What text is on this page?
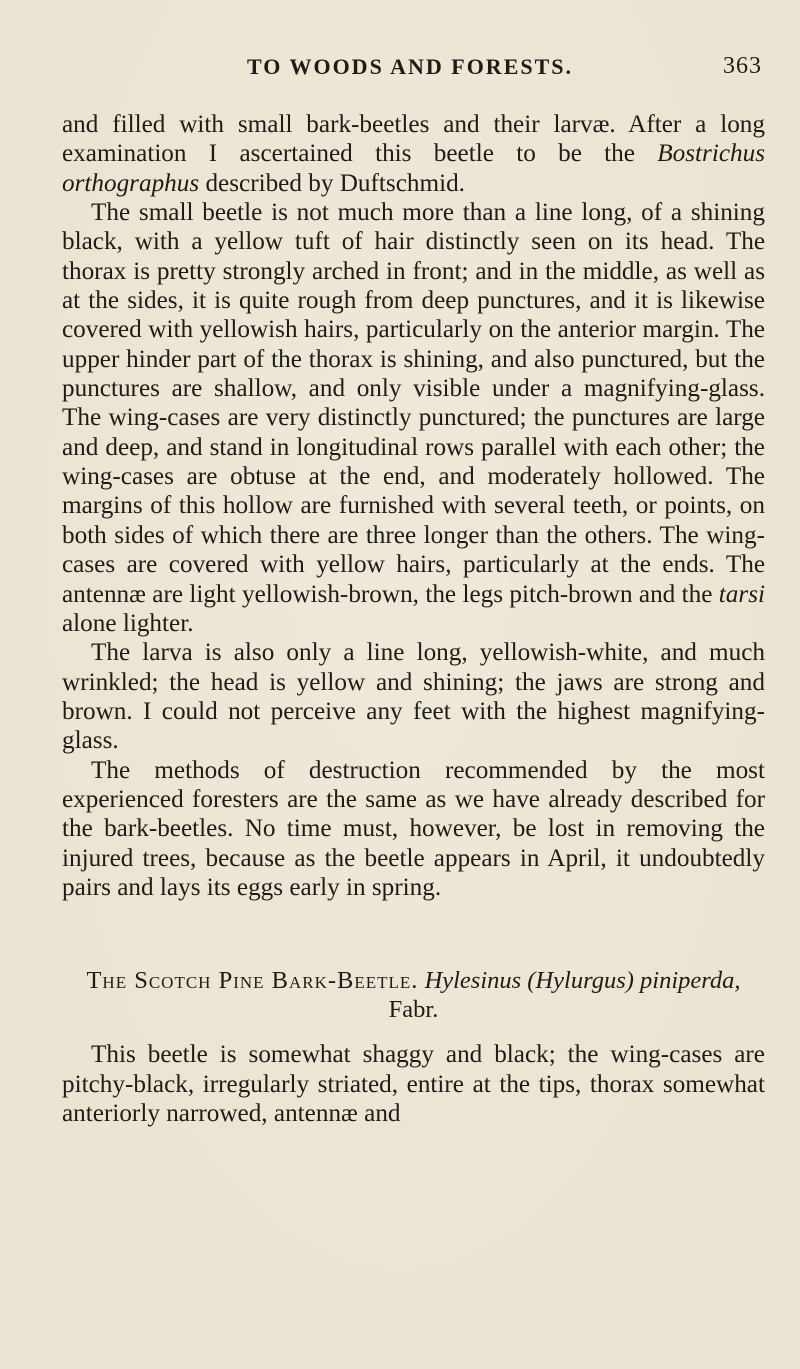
TO WOODS AND FORESTS.	363

and filled with small bark-beetles and their larvæ. After a long examination I ascertained this beetle to be the Bostrichus orthographus described by Duftschmid.

The small beetle is not much more than a line long, of a shining black, with a yellow tuft of hair distinctly seen on its head. The thorax is pretty strongly arched in front; and in the middle, as well as at the sides, it is quite rough from deep punctures, and it is likewise covered with yellowish hairs, particularly on the anterior margin. The upper hinder part of the thorax is shining, and also punctured, but the punctures are shallow, and only visible under a magnifying-glass. The wing-cases are very distinctly punctured; the punctures are large and deep, and stand in longitudinal rows parallel with each other; the wing-cases are obtuse at the end, and moderately hollowed. The margins of this hollow are furnished with several teeth, or points, on both sides of which there are three longer than the others. The wing-cases are covered with yellow hairs, particularly at the ends. The antennæ are light yellowish-brown, the legs pitch-brown and the tarsi alone lighter.

The larva is also only a line long, yellowish-white, and much wrinkled; the head is yellow and shining; the jaws are strong and brown. I could not perceive any feet with the highest magnifying-glass.

The methods of destruction recommended by the most experienced foresters are the same as we have already described for the bark-beetles. No time must, however, be lost in removing the injured trees, because as the beetle appears in April, it undoubtedly pairs and lays its eggs early in spring.

The Scotch Pine Bark-Beetle. Hylesinus (Hylurgus) piniperda, Fabr.

This beetle is somewhat shaggy and black; the wing-cases are pitchy-black, irregularly striated, entire at the tips, thorax somewhat anteriorly narrowed, antennæ and
